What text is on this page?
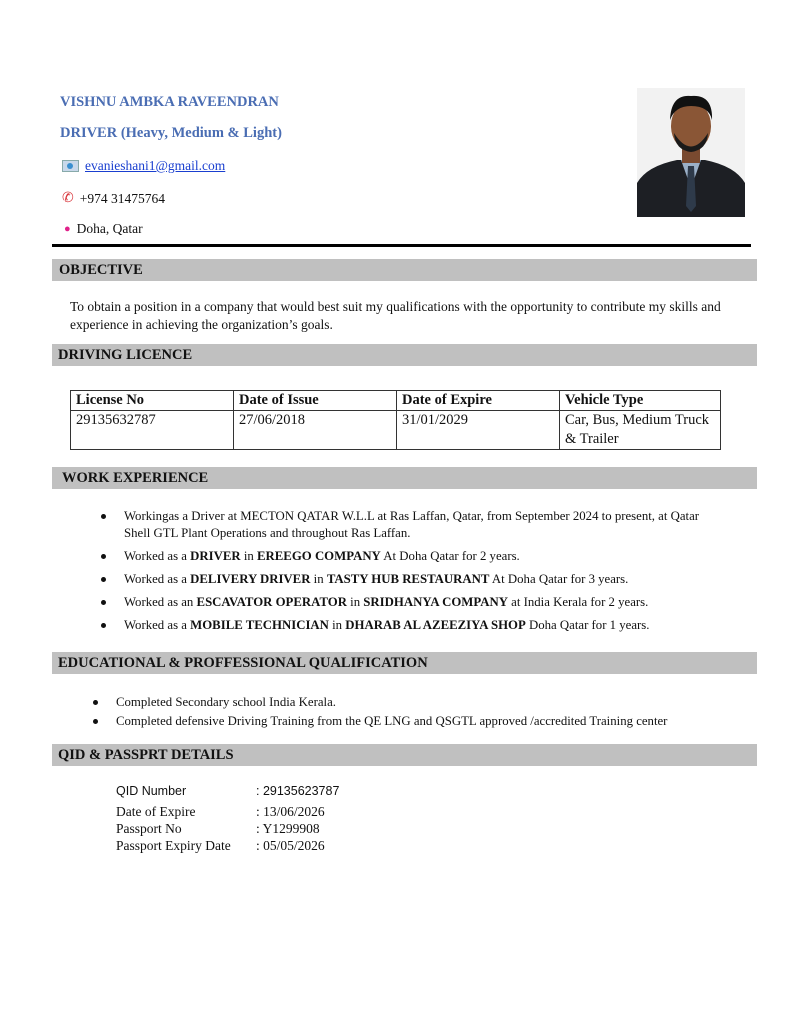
VISHNU AMBKA RAVEENDRAN
DRIVER (Heavy, Medium & Light)
evanieshani1@gmail.com
✆ +974 31475764
● Doha, Qatar
OBJECTIVE
To obtain a position in a company that would best suit my qualifications with the opportunity to contribute my skills and experience in achieving the organization’s goals.
DRIVING LICENCE
License No	Date of Issue	Date of Expire	Vehicle Type
29135632787	27/06/2018	31/01/2029	Car, Bus, Medium Truck & Trailer
WORK EXPERIENCE
Workingas a Driver at MECTON QATAR W.L.L at Ras Laffan, Qatar, from September 2024 to present, at Qatar Shell GTL Plant Operations and throughout Ras Laffan.
Worked as a DRIVER in EREEGO COMPANY At Doha Qatar for 2 years.
Worked as a DELIVERY DRIVER in TASTY HUB RESTAURANT At Doha Qatar for 3 years.
Worked as an ESCAVATOR OPERATOR in SRIDHANYA COMPANY at India Kerala for 2 years.
Worked as a MOBILE TECHNICIAN in DHARAB AL AZEEZIYA SHOP Doha Qatar for 1 years.
EDUCATIONAL & PROFFESSIONAL QUALIFICATION
Completed Secondary school India Kerala.
Completed defensive Driving Training from the QE LNG and QSGTL approved /accredited Training center
QID & PASSPRT DETAILS
QID Number	: 29135623787
Date of Expire	: 13/06/2026
Passport No	: Y1299908
Passport Expiry Date	: 05/05/2026
